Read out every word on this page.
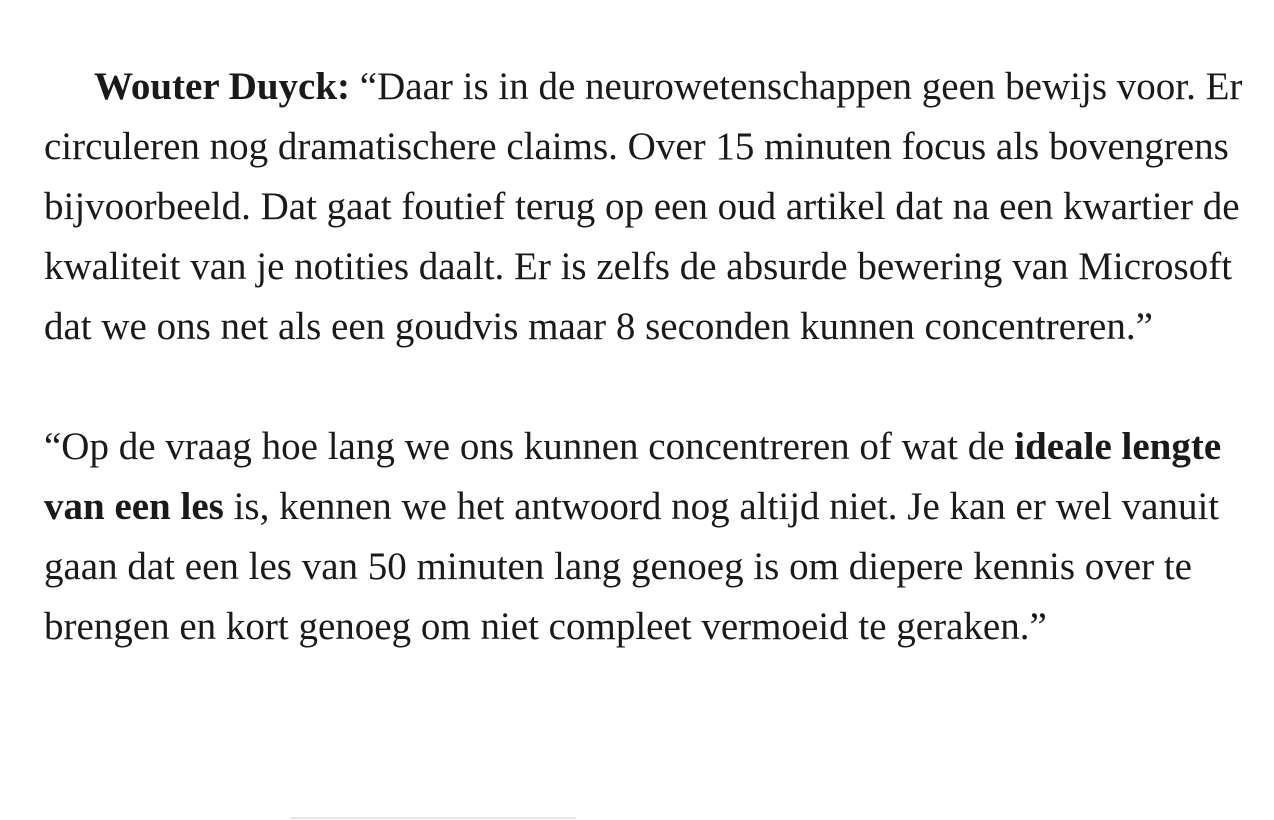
Wouter Duyck: “Daar is in de neurowetenschappen geen bewijs voor. Er circuleren nog dramatischere claims. Over 15 minuten focus als bovengrens bijvoorbeeld. Dat gaat foutief terug op een oud artikel dat na een kwartier de kwaliteit van je notities daalt. Er is zelfs de absurde bewering van Microsoft dat we ons net als een goudvis maar 8 seconden kunnen concentreren.”

“Op de vraag hoe lang we ons kunnen concentreren of wat de ideale lengte van een les is, kennen we het antwoord nog altijd niet. Je kan er wel vanuit gaan dat een les van 50 minuten lang genoeg is om diepere kennis over te brengen en kort genoeg om niet compleet vermoeid te geraken.”
